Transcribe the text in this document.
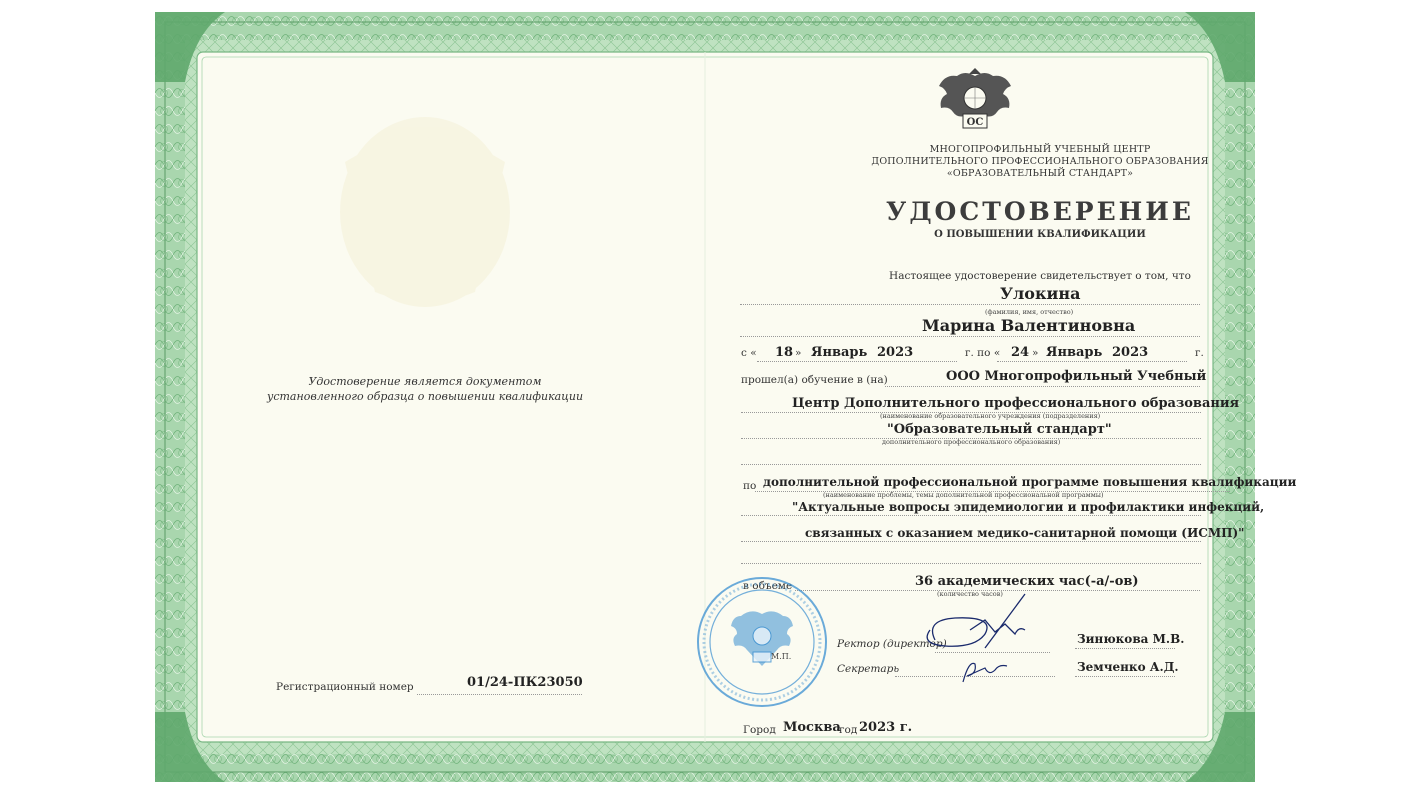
Удостоверение является документом
установленного образца о повышении квалификации
Регистрационный номер	01/24-ПК23050
ОС
МНОГОПРОФИЛЬНЫЙ УЧЕБНЫЙ ЦЕНТР
ДОПОЛНИТЕЛЬНОГО ПРОФЕССИОНАЛЬНОГО ОБРАЗОВАНИЯ
«ОБРАЗОВАТЕЛЬНЫЙ СТАНДАРТ»
УДОСТОВЕРЕНИЕ
О ПОВЫШЕНИИ КВАЛИФИКАЦИИ
Настоящее удостоверение свидетельствует о том, что
Улокина
(фамилия, имя, отчество)
Марина Валентиновна
с « 18 » Январь 2023	г. по « 24 » Январь 2023	г.
прошел(а) обучение в (на)	ООО Многопрофильный Учебный
Центр Дополнительного профессионального образования
(наименование образовательного учреждения (подразделения)
"Образовательный стандарт"
дополнительного профессионального образования)
по дополнительной профессиональной программе повышения квалификации
(наименование проблемы, темы дополнительной профессиональной программы)
"Актуальные вопросы эпидемиологии и профилактики инфекций,
связанных с оказанием медико-санитарной помощи (ИСМП)"
в объеме	36 академических час(-а/-ов)
(количество часов)
М.П.
Ректор (директор)	Зинюкова М.В.
Секретарь	Земченко А.Д.
Город Москва
год 2023 г.
